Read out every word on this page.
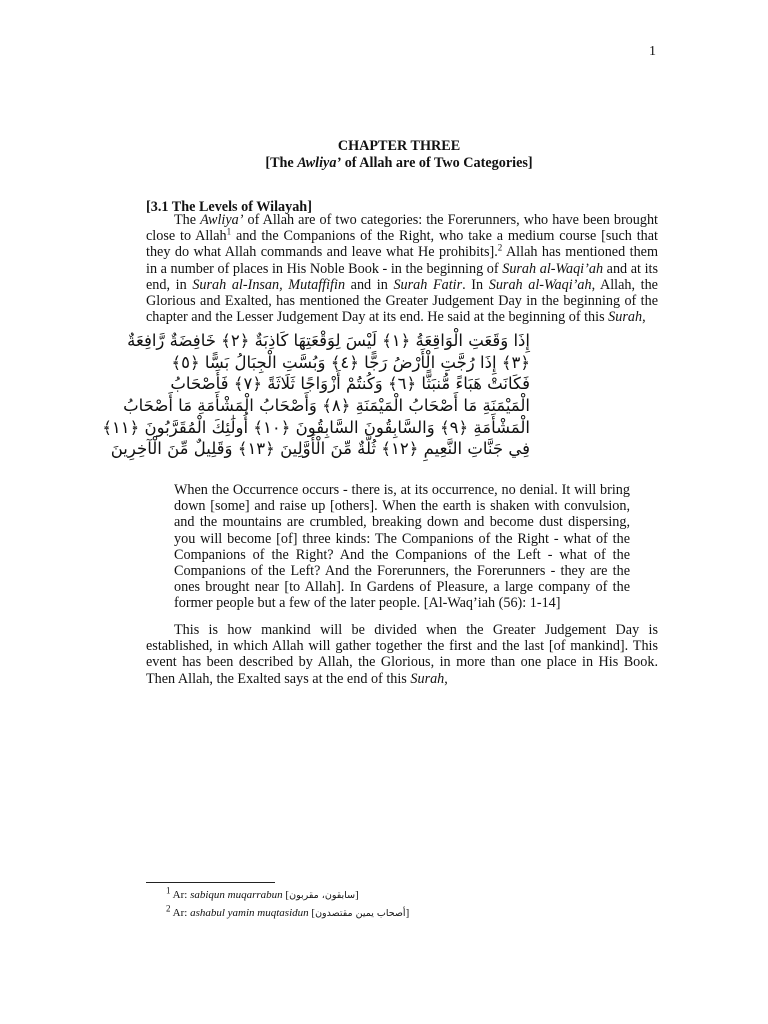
1
CHAPTER THREE
[The Awliya’ of Allah are of Two Categories]
[3.1 The Levels of Wilayah]

The Awliya’ of Allah are of two categories: the Forerunners, who have been brought close to Allah$^1$ and the Companions of the Right, who take a medium course [such that they do what Allah commands and leave what He prohibits].$^2$ Allah has mentioned them in a number of places in His Noble Book - in the beginning of Surah al-Waqi’ah and at its end, in Surah al-Insan, Mutaffifin and in Surah Fatir. In Surah al-Waqi’ah, Allah, the Glorious and Exalted, has mentioned the Greater Judgement Day in the beginning of the chapter and the Lesser Judgement Day at its end. He said at the beginning of this Surah,

إِذَا وَقَعَتِ الْوَاقِعَةُ ﴿١﴾ لَيْسَ لِوَقْعَتِهَا كَاذِبَةٌ ﴿٢﴾ خَافِضَةٌ رَّافِعَةٌ
﴿٣﴾ إِذَا رُجَّتِ الْأَرْضُ رَجًّا ﴿٤﴾ وَبُسَّتِ الْجِبَالُ بَسًّا ﴿٥﴾
فَكَانَتْ هَبَاءً مُّنبَثًّا ﴿٦﴾ وَكُنتُمْ أَزْوَاجًا ثَلَاثَةً ﴿٧﴾ فَأَصْحَابُ
الْمَيْمَنَةِ مَا أَصْحَابُ الْمَيْمَنَةِ ﴿٨﴾ وَأَصْحَابُ الْمَشْأَمَةِ مَا أَصْحَابُ
الْمَشْأَمَةِ ﴿٩﴾ وَالسَّابِقُونَ السَّابِقُونَ ﴿١٠﴾ أُولَٰئِكَ الْمُقَرَّبُونَ ﴿١١﴾
فِي جَنَّاتِ النَّعِيمِ ﴿١٢﴾ ثُلَّةٌ مِّنَ الْأَوَّلِينَ ﴿١٣﴾ وَقَلِيلٌ مِّنَ الْآخِرِينَ

When the Occurrence occurs - there is, at its occurrence, no denial. It will bring down [some] and raise up [others]. When the earth is shaken with convulsion, and the mountains are crumbled, breaking down and become dust dispersing, you will become [of] three kinds: The Companions of the Right - what of the Companions of the Right? And the Companions of the Left - what of the Companions of the Left? And the Forerunners, the Forerunners - they are the ones brought near [to Allah]. In Gardens of Pleasure, a large company of the former people but a few of the later people. [Al-Waq’iah (56): 1-14]

This is how mankind will be divided when the Greater Judgement Day is established, in which Allah will gather together the first and the last [of mankind]. This event has been described by Allah, the Glorious, in more than one place in His Book. Then Allah, the Exalted says at the end of this Surah,

$^1$ Ar: sabiqun muqarrabun [سابقون، مقربون]
$^2$ Ar: ashabul yamin muqtasidun [أصحاب يمين مقتصدون]
